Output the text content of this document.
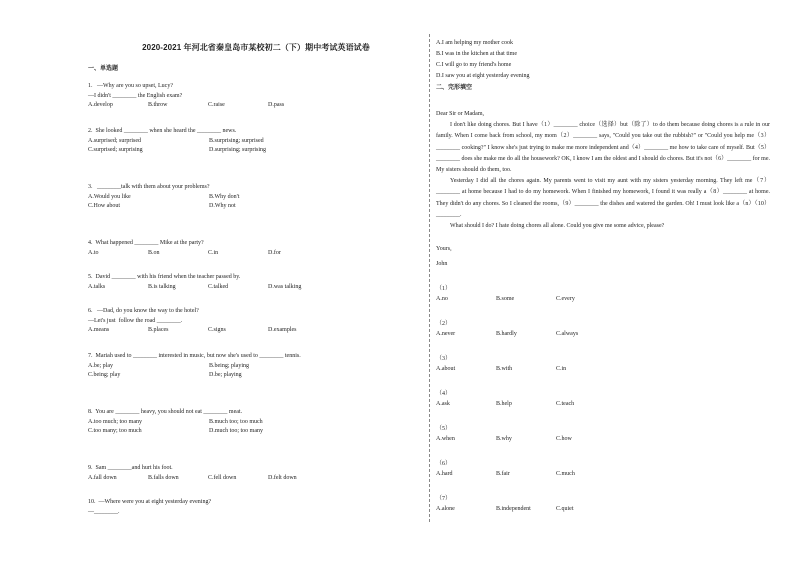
2020-2021 年河北省秦皇岛市某校初二（下）期中考试英语试卷
一、单选题
1.   —Why are you so upset, Lucy?
—I didn't ________ the English exam?
A.develop	B.throw	C.raise	D.pass
2.  She looked ________ when she heard the ________ news.
A.surprised; surprised	B.surprising; surprised
C.surprised; surprising	D.surprising; surprising
3.   ________talk with them about your problems?
A.Would you like	B.Why don't
C.How about	D.Why not
4.  What happened ________ Mike at the party?
A.to	B.on	C.in	D.for
5.  David ________ with his friend when the teacher passed by.
A.talks	B.is talking	C.talked	D.was talking
6.   —Dad, do you know the way to the hotel?
—Let's just  follow the road ________.
A.means	B.places	C.signs	D.examples
7.  Mariah used to ________ interested in music, but now she's used to ________ tennis.
A.be; play	B.being; playing
C.being; play	D.be; playing
8.  You are ________ heavy, you should not eat ________ meat.
A.too much; too many	B.much too; too much
C.too many; too much	D.much too; too many
9.  Sam ________and hurt his foot.
A.fall down	B.falls down	C.fell down	D.felt down
10.  —Where were you at eight yesterday evening?
—________.
A.I am helping my mother cook
B.I was in the kitchen at that time
C.I will go to my friend's home
D.I saw you at eight yesterday evening
二、完形填空

Dear Sir or Madam,

I don't like doing chores. But I have（1）________ choice（选择）but（除了）to do them because doing chores is a rule in our family. When I come back from school, my mom（2）________ says, "Could you take out the rubbish?" or "Could you help me（3）________ cooking?" I know she's just trying to make me more independent and（4）________ me how to take care of myself. But（5）________ does she make me do all the housework? OK, I know I am the oldest and I should do chores. But it's not（6）________ for me. My sisters should do them, too.

Yesterday I did all the chores again. My parents went to visit my aunt with my sisters yesterday morning. They left me（7）________ at home because I had to do my homework. When I finished my homework, I found it was really a（8）________ at home. They didn't do any chores. So I cleaned the rooms,（9）________ the dishes and watered the garden. Oh! I must look like a（n）（10）________.

What should I do? I hate doing chores all alone. Could you give me some advice, please?

Yours,
John
（1）
A.no	B.some	C.every
（2）
A.never	B.hardly	C.always
（3）
A.about	B.with	C.in
（4）
A.ask	B.help	C.teach
（5）
A.when	B.why	C.how
（6）
A.hard	B.fair	C.much
（7）
A.alone	B.independent	C.quiet
